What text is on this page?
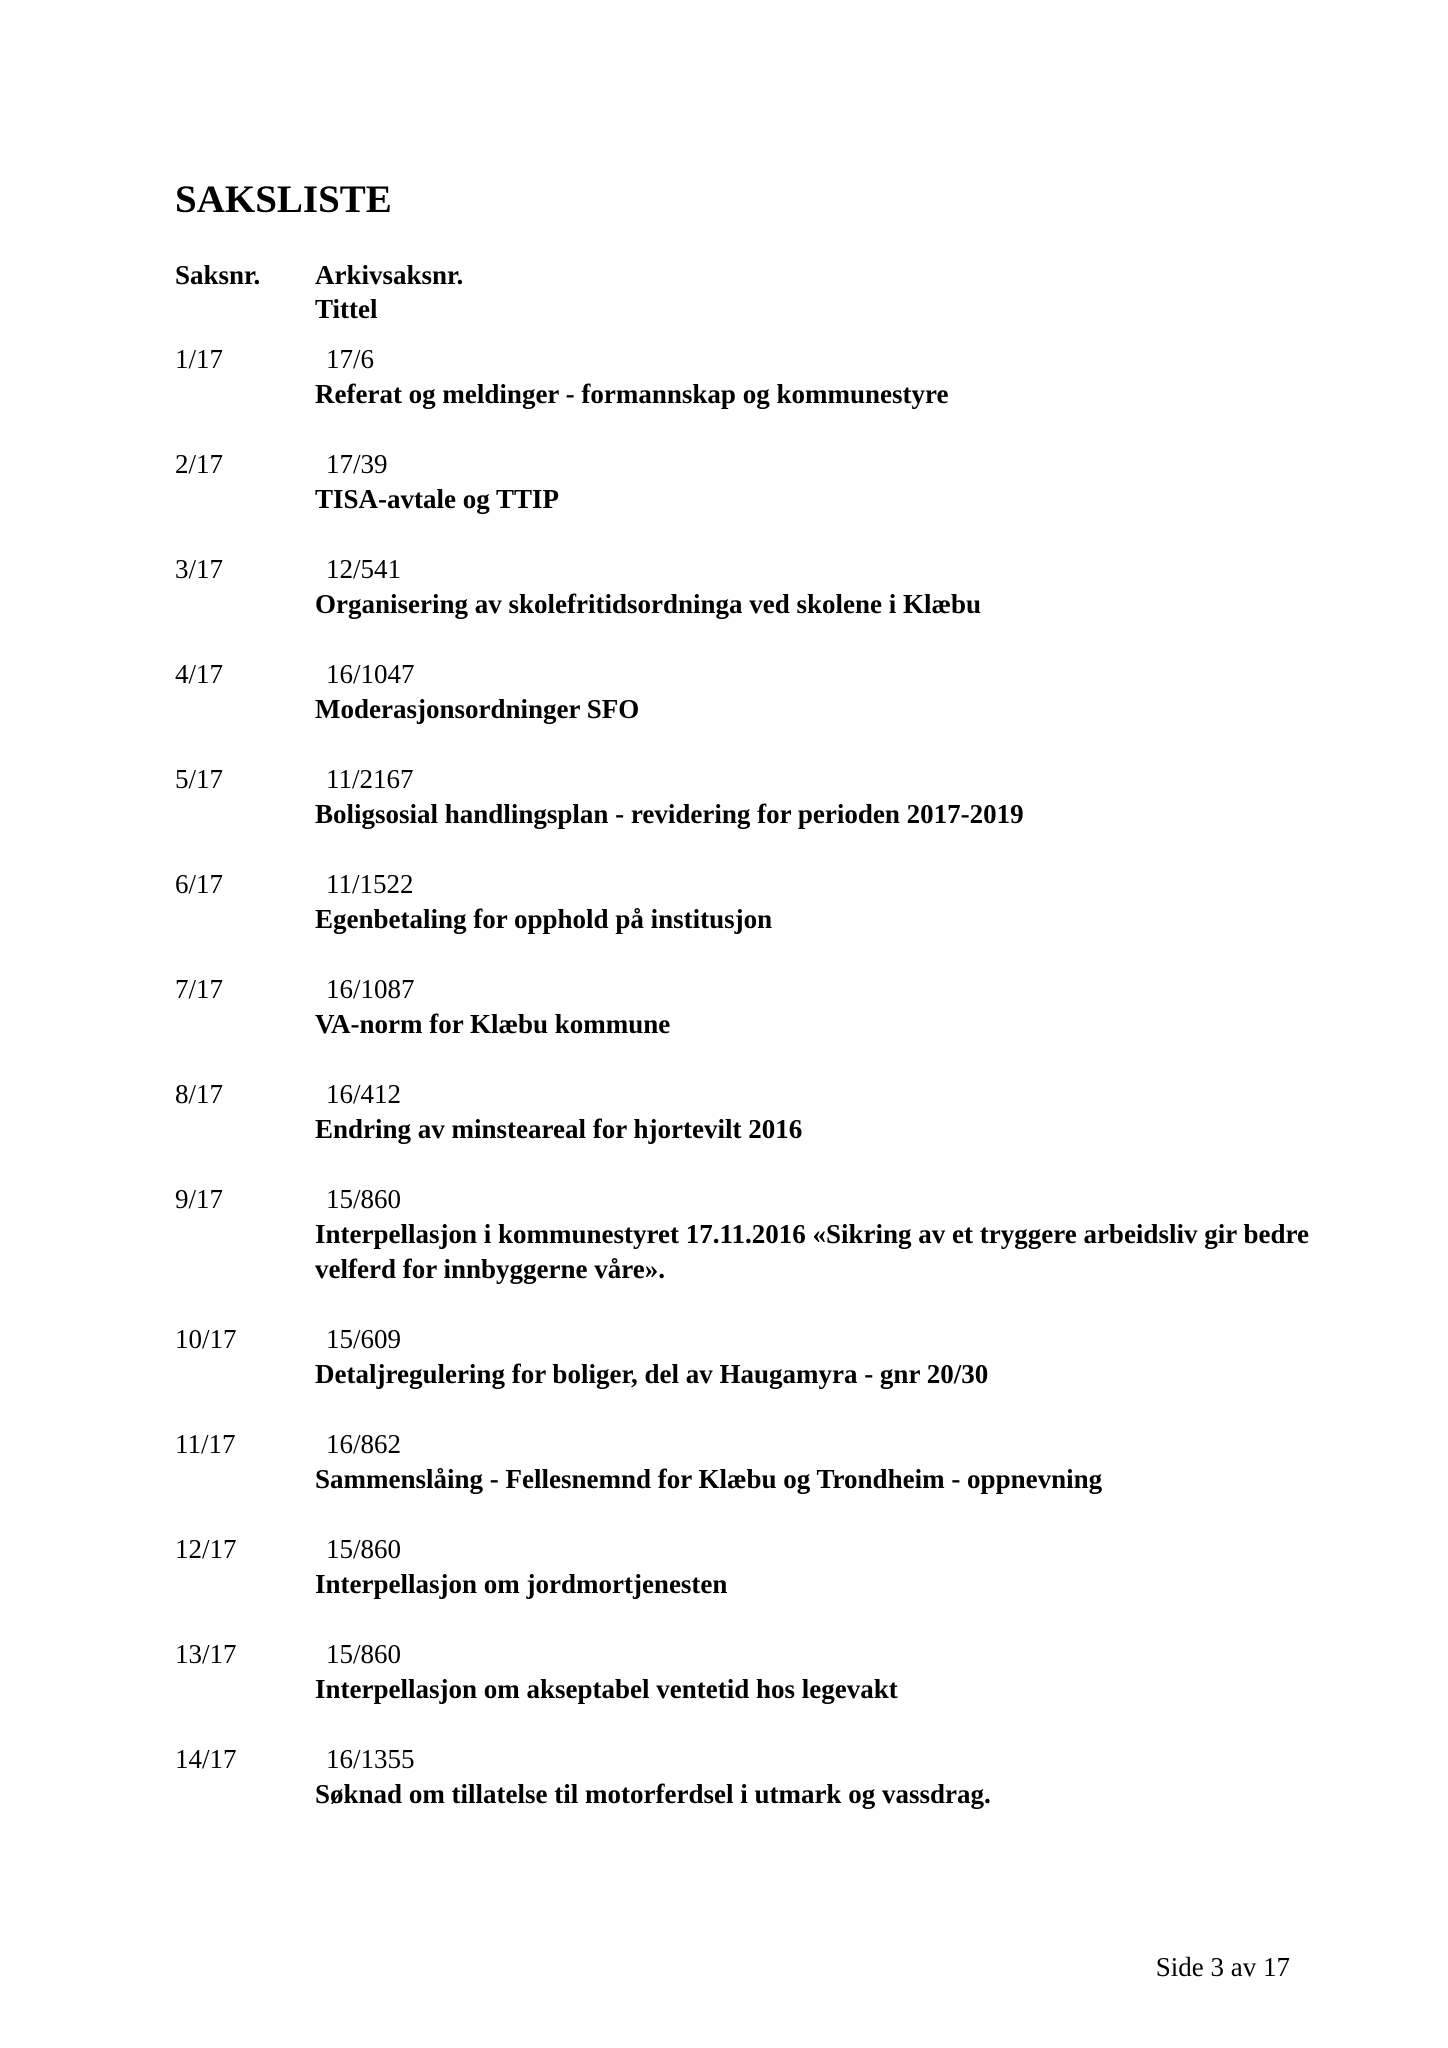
SAKSLISTE
Saksnr. Arkivsaksnr.
Tittel
1/17	17/6
Referat og meldinger - formannskap og kommunestyre
2/17	17/39
TISA-avtale og TTIP
3/17	12/541
Organisering av skolefritidsordninga ved skolene i Klæbu
4/17	16/1047
Moderasjonsordninger SFO
5/17	11/2167
Boligsosial handlingsplan - revidering for perioden 2017-2019
6/17	11/1522
Egenbetaling for opphold på institusjon
7/17	16/1087
VA-norm for Klæbu kommune
8/17	16/412
Endring av minsteareal for hjortevilt 2016
9/17	15/860
Interpellasjon i kommunestyret 17.11.2016 «Sikring av et tryggere arbeidsliv gir bedre velferd for innbyggerne våre».
10/17	15/609
Detaljregulering for boliger, del av Haugamyra - gnr 20/30
11/17	16/862
Sammenslåing - Fellesnemnd for Klæbu og Trondheim - oppnevning
12/17	15/860
Interpellasjon om jordmortjenesten
13/17	15/860
Interpellasjon om akseptabel ventetid hos legevakt
14/17	16/1355
Søknad om tillatelse til motorferdsel i utmark og vassdrag.
Side 3 av 17
